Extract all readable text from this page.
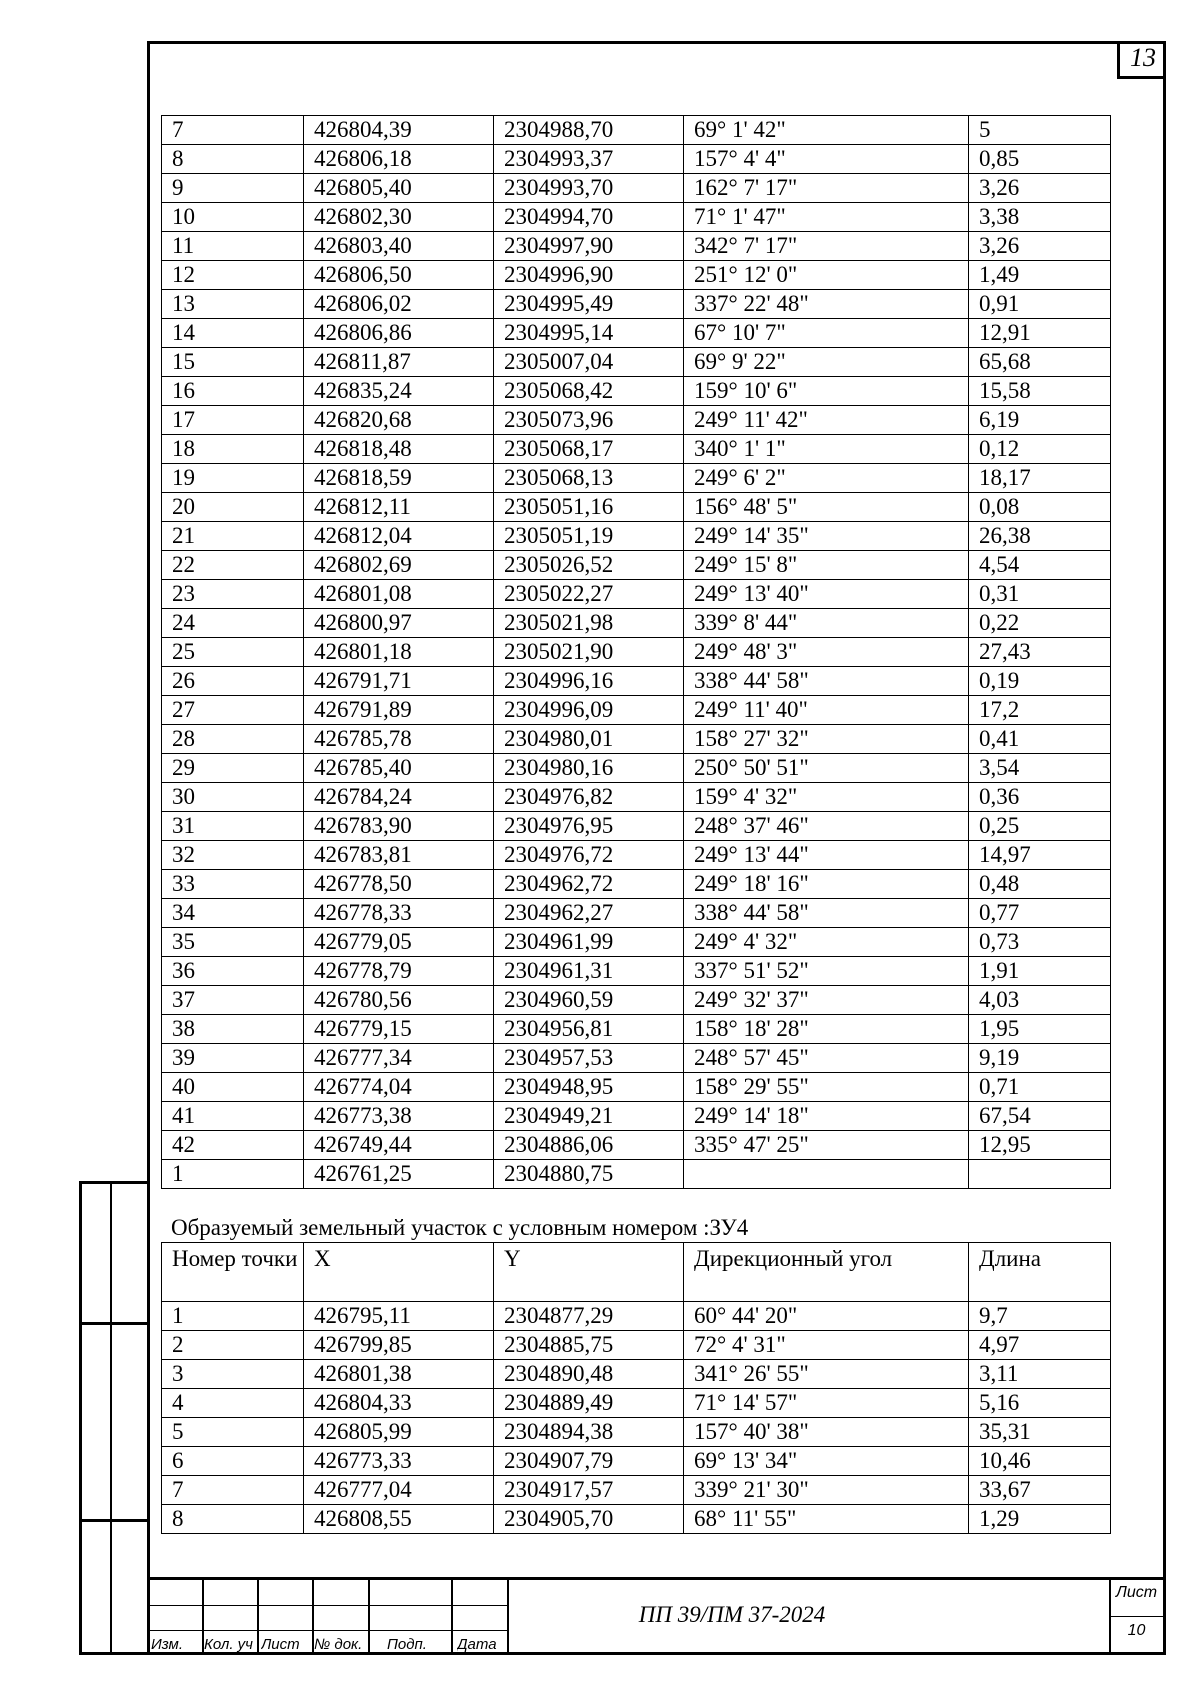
13
7	426804,39	2304988,70	69° 1' 42"	5
8	426806,18	2304993,37	157° 4' 4"	0,85
9	426805,40	2304993,70	162° 7' 17"	3,26
10	426802,30	2304994,70	71° 1' 47"	3,38
11	426803,40	2304997,90	342° 7' 17"	3,26
12	426806,50	2304996,90	251° 12' 0"	1,49
13	426806,02	2304995,49	337° 22' 48"	0,91
14	426806,86	2304995,14	67° 10' 7"	12,91
15	426811,87	2305007,04	69° 9' 22"	65,68
16	426835,24	2305068,42	159° 10' 6"	15,58
17	426820,68	2305073,96	249° 11' 42"	6,19
18	426818,48	2305068,17	340° 1' 1"	0,12
19	426818,59	2305068,13	249° 6' 2"	18,17
20	426812,11	2305051,16	156° 48' 5"	0,08
21	426812,04	2305051,19	249° 14' 35"	26,38
22	426802,69	2305026,52	249° 15' 8"	4,54
23	426801,08	2305022,27	249° 13' 40"	0,31
24	426800,97	2305021,98	339° 8' 44"	0,22
25	426801,18	2305021,90	249° 48' 3"	27,43
26	426791,71	2304996,16	338° 44' 58"	0,19
27	426791,89	2304996,09	249° 11' 40"	17,2
28	426785,78	2304980,01	158° 27' 32"	0,41
29	426785,40	2304980,16	250° 50' 51"	3,54
30	426784,24	2304976,82	159° 4' 32"	0,36
31	426783,90	2304976,95	248° 37' 46"	0,25
32	426783,81	2304976,72	249° 13' 44"	14,97
33	426778,50	2304962,72	249° 18' 16"	0,48
34	426778,33	2304962,27	338° 44' 58"	0,77
35	426779,05	2304961,99	249° 4' 32"	0,73
36	426778,79	2304961,31	337° 51' 52"	1,91
37	426780,56	2304960,59	249° 32' 37"	4,03
38	426779,15	2304956,81	158° 18' 28"	1,95
39	426777,34	2304957,53	248° 57' 45"	9,19
40	426774,04	2304948,95	158° 29' 55"	0,71
41	426773,38	2304949,21	249° 14' 18"	67,54
42	426749,44	2304886,06	335° 47' 25"	12,95
1	426761,25	2304880,75		
Образуемый земельный участок с условным номером :ЗУ4
Номер точки	X	Y	Дирекционный угол	Длина
1	426795,11	2304877,29	60° 44' 20"	9,7
2	426799,85	2304885,75	72° 4' 31"	4,97
3	426801,38	2304890,48	341° 26' 55"	3,11
4	426804,33	2304889,49	71° 14' 57"	5,16
5	426805,99	2304894,38	157° 40' 38"	35,31
6	426773,33	2304907,79	69° 13' 34"	10,46
7	426777,04	2304917,57	339° 21' 30"	33,67
8	426808,55	2304905,70	68° 11' 55"	1,29
Изм.	Кол. уч Лист № док.	Подп.	Дата
ПП 39/ПМ 37-2024
Лист
10
